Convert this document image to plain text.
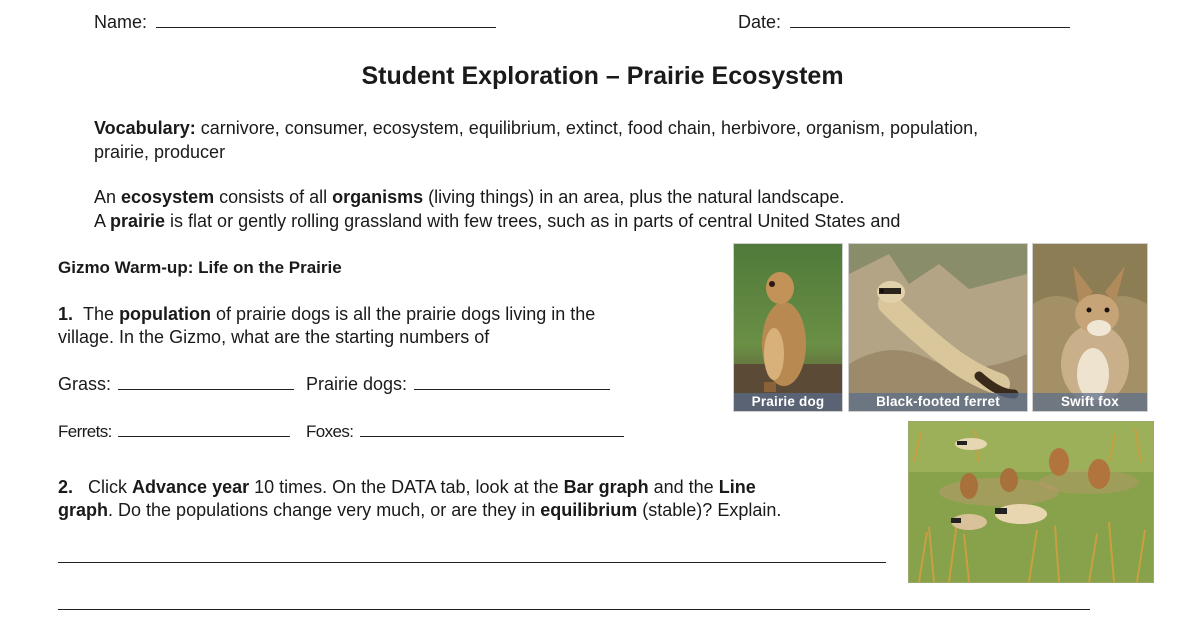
Name:	Date:
Student Exploration – Prairie Ecosystem
Vocabulary: carnivore, consumer, ecosystem, equilibrium, extinct, food chain, herbivore, organism, population,
prairie, producer
An ecosystem consists of all organisms (living things) in an area, plus the natural landscape.
A prairie is flat or gently rolling grassland with few trees, such as in parts of central United States and
Gizmo Warm-up: Life on the Prairie
1. The population of prairie dogs is all the prairie dogs living in the
village. In the Gizmo, what are the starting numbers of
Grass:	Prairie dogs:
Ferrets:	Foxes:
2. Click Advance year 10 times. On the DATA tab, look at the Bar graph and the Line
graph. Do the populations change very much, or are they in equilibrium (stable)? Explain.
Prairie dog	Black-footed ferret	Swift fox
